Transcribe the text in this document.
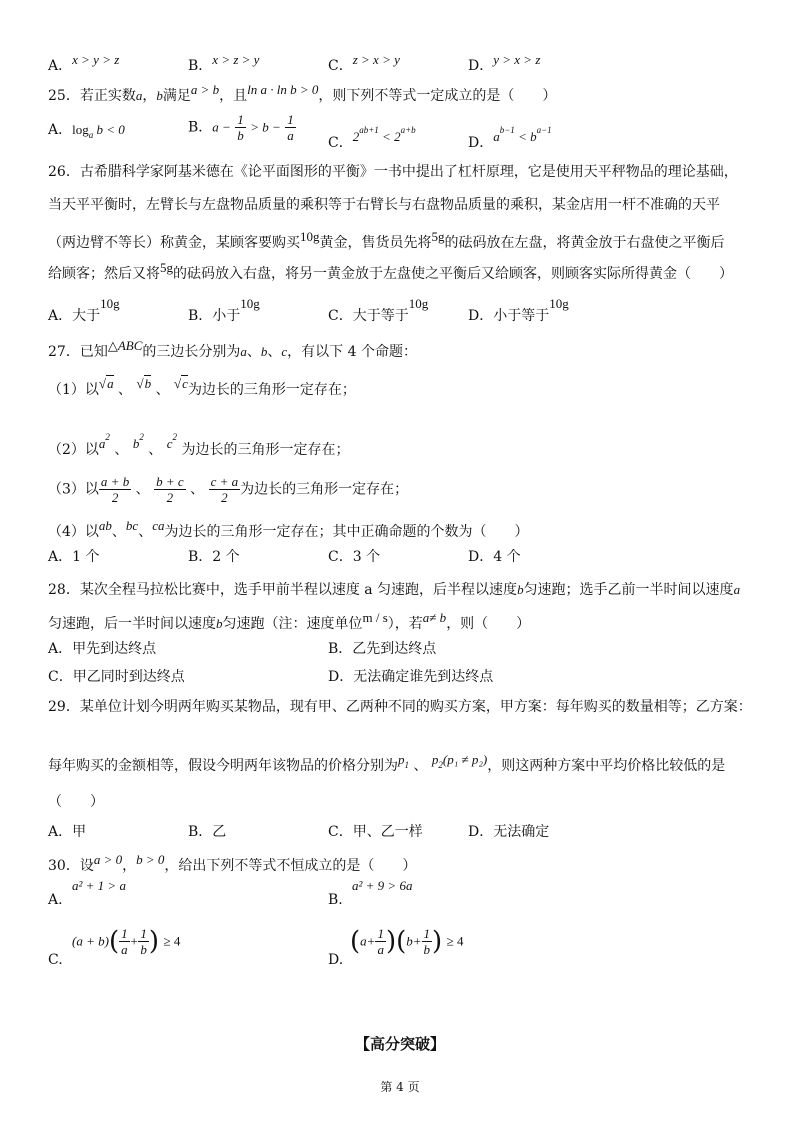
A．x > y > z	B．x > z > y	C．z > x > y	D．y > x > z
25．若正实数a，b满足a > b，且ln a · ln b > 0，则下列不等式一定成立的是（　　）
A．$\log_a b < 0$	B．$a - \frac{1}{b} > b - \frac{1}{a}$ C．$2^{ab+1} < 2^{a+b}$
D．$a^{b-1} < b^{a-1}$
26．古希腊科学家阿基米德在《论平面图形的平衡》一书中提出了杠杆原理，它是使用天平秤物品的理论基础，
当天平平衡时，左臂长与左盘物品质量的乘积等于右臂长与右盘物品质量的乘积，某金店用一杆不准确的天平
（两边臂不等长）称黄金，某顾客要购买10g黄金，售货员先将5g的砝码放在左盘，将黄金放于右盘使之平衡后
给顾客；然后又将5g的砝码放入右盘，将另一黄金放于左盘使之平衡后又给顾客，则顾客实际所得黄金（　　）
A．大于10g
B．小于10g
C．大于等于10g
D．小于等于10g
27．已知△ABC的三边长分别为a、b、c，有以下 4 个命题：
（1）以√a 、 √b 、 √c为边长的三角形一定存在；
（2）以$a^2$ 、 $b^2$ 、 $c^2$ 为边长的三角形一定存在；
（3）以 $\frac{a + b}{2}$ 、 $\frac{b + c}{2}$ 、 $\frac{c + a}{2}$ 为边长的三角形一定存在；
（4）以ab、bc、ca为边长的三角形一定存在；其中正确命题的个数为（　　）
A．1 个	B．2 个	C．3 个	D．4 个
28．某次全程马拉松比赛中，选手甲前半程以速度 a 匀速跑，后半程以速度b匀速跑；选手乙前一半时间以速度a
匀速跑，后一半时间以速度b匀速跑（注：速度单位m / s），若a≠ b，则（　　）
A．甲先到达终点	B．乙先到达终点
C．甲乙同时到达终点	D．无法确定谁先到达终点
29．某单位计划今明两年购买某物品，现有甲、乙两种不同的购买方案，甲方案：每年购买的数量相等；乙方案：
每年购买的金额相等，假设今明两年该物品的价格分别为$p_1$ 、 $p_2(p_1 \ne p_2)$，则这两种方案中平均价格比较低的是
（　　）
A．甲	B．乙	C．甲、乙一样	D．无法确定
30．设a > 0，b > 0，给出下列不等式不恒成立的是（　　）
a² + 1 > a
A.
a² + 9 > 6a
B.
C.
$(a + b)( \frac{1}{a} + \frac{1}{b}$ ) ≥ 4
D.
$(a+ \frac{1}{a} )(b+ \frac{1}{b}$ ) ≥ 4
【高分突破】
第 4 页
